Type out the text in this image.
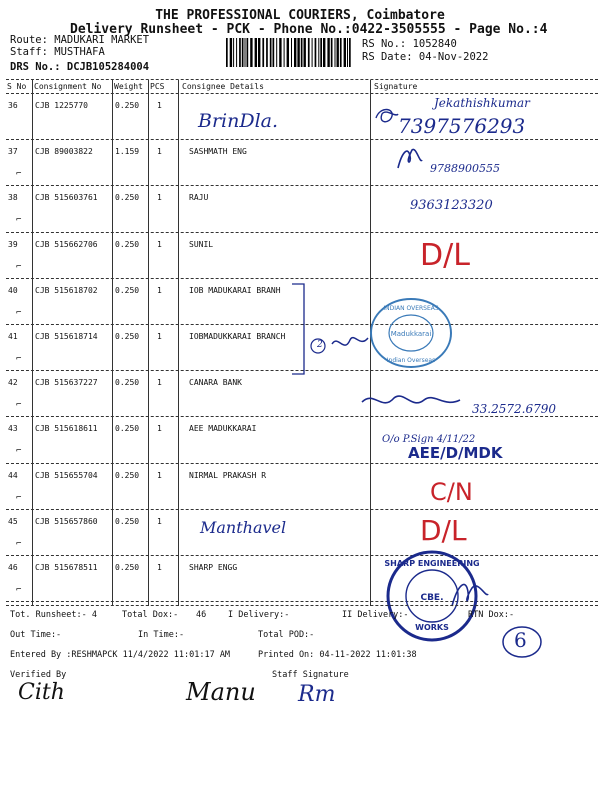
THE PROFESSIONAL COURIERS, Coimbatore
Delivery Runsheet - PCK - Phone No.:0422-3505555 - Page No.:4
Route: MADUKARI MARKET
Staff: MUSTHAFA
DRS No.: DCJB105284004
RS No.: 1052840
RS Date: 04-Nov-2022
S No Consignment No Weight PCS Consignee Details	Signature
36 CJB 1225770	0.250 1
37 CJB 89003822	1.159 1	SASHMATH ENG
⌐
38 CJB 515603761 0.250 1	RAJU
⌐
39 CJB 515662706 0.250 1	SUNIL
⌐
40 CJB 515618702 0.250 1	IOB MADUKARAI BRANH
⌐
41 CJB 515618714 0.250 1	IOBMADUKKARAI BRANCH
⌐
42 CJB 515637227 0.250 1	CANARA BANK
⌐
43 CJB 515618611 0.250 1	AEE MADUKKARAI
⌐
44 CJB 515655704 0.250 1	NIRMAL PRAKASH R
⌐
45 CJB 515657860 0.250 1
⌐
46 CJB 515678511 0.250 1	SHARP ENGG
⌐
BrinDla.
Jekathishkumar
7397576293
9788900555
9363123320
D/L
INDIAN OVERSEAS
Madukkarai
Indian Overseas
2
33.2572.6790
O/o P.Sign 4/11/22
AEE/D/MDK
C/N
Manthavel	D/L
SHARP ENGINEERING
WORKS
CBE.
Tot. Runsheet:- 4	Total Dox:- 46	I Delivery:-	II Delivery:-	RTN Dox:-
Out Time:-	In Time:-	Total POD:-
Entered By :RESHMAPCK 11/4/2022 11:01:17 AM	Printed On: 04-11-2022 11:01:38
6
Verified By	Staff Signature
Cith	Manu Rm
